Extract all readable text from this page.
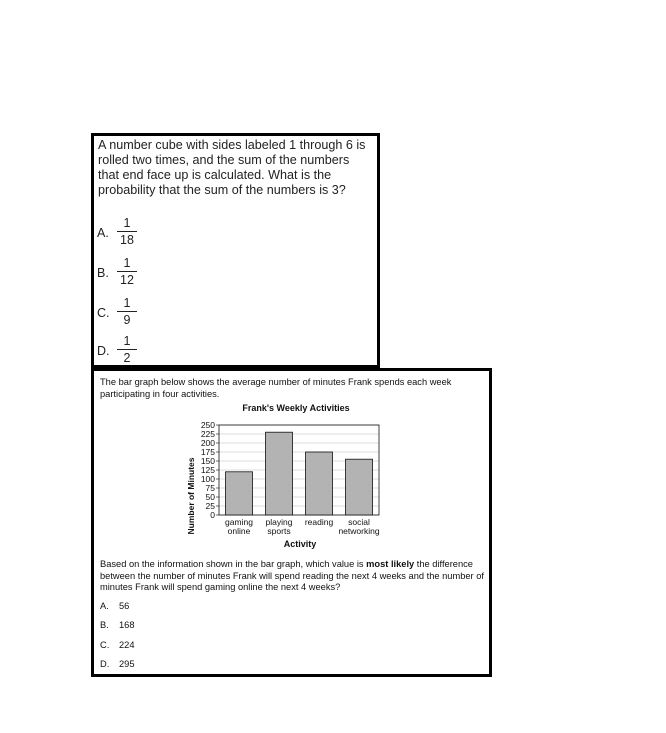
A number cube with sides labeled 1 through 6 is rolled two times, and the sum of the numbers that end face up is calculated. What is the probability that the sum of the numbers is 3?
A.
1
18
B.
1
12
C.
1
9
D.
1
2
The bar graph below shows the average number of minutes Frank spends each week participating in four activities.
Frank's Weekly Activities
0
25
50
75
100
125
150
175
200
225
250
gaming
online
playing
sports
reading social
networking
Number of Minutes
Activity
Based on the information shown in the bar graph, which value is most likely the difference between the number of minutes Frank will spend reading the next 4 weeks and the number of minutes Frank will spend gaming online the next 4 weeks?
A. 56
B. 168
C. 224
D. 295
